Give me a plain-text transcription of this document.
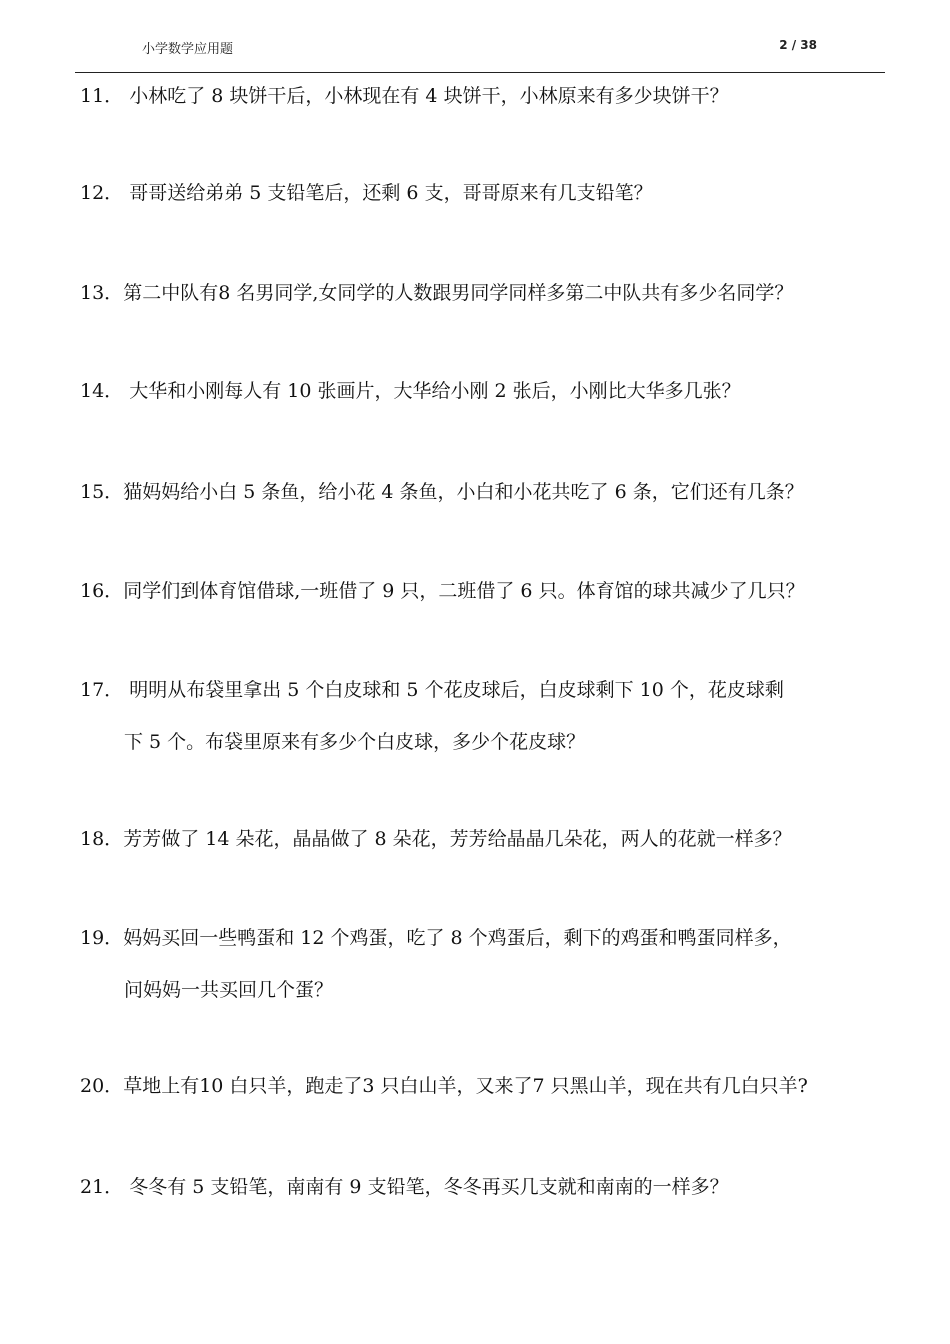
小学数学应用题	2 / 38
11． 小林吃了 8 块饼干后，小林现在有 4 块饼干，小林原来有多少块饼干？
12． 哥哥送给弟弟 5 支铅笔后，还剩 6 支，哥哥原来有几支铅笔？
13．第二中队有8 名男同学,女同学的人数跟男同学同样多第二中队共有多少名同学？
14． 大华和小刚每人有 10 张画片，大华给小刚 2 张后，小刚比大华多几张？
15．猫妈妈给小白 5 条鱼，给小花 4 条鱼，小白和小花共吃了 6 条，它们还有几条？
16．同学们到体育馆借球,一班借了 9 只，二班借了 6 只。体育馆的球共减少了几只？
17． 明明从布袋里拿出 5 个白皮球和 5 个花皮球后，白皮球剩下 10 个，花皮球剩
下 5 个。布袋里原来有多少个白皮球，多少个花皮球？
18．芳芳做了 14 朵花，晶晶做了 8 朵花，芳芳给晶晶几朵花，两人的花就一样多？
19．妈妈买回一些鸭蛋和 12 个鸡蛋，吃了 8 个鸡蛋后，剩下的鸡蛋和鸭蛋同样多，
问妈妈一共买回几个蛋？
20．草地上有10 白只羊，跑走了3 只白山羊，又来了7 只黑山羊，现在共有几白只羊?
21． 冬冬有 5 支铅笔，南南有 9 支铅笔，冬冬再买几支就和南南的一样多？
